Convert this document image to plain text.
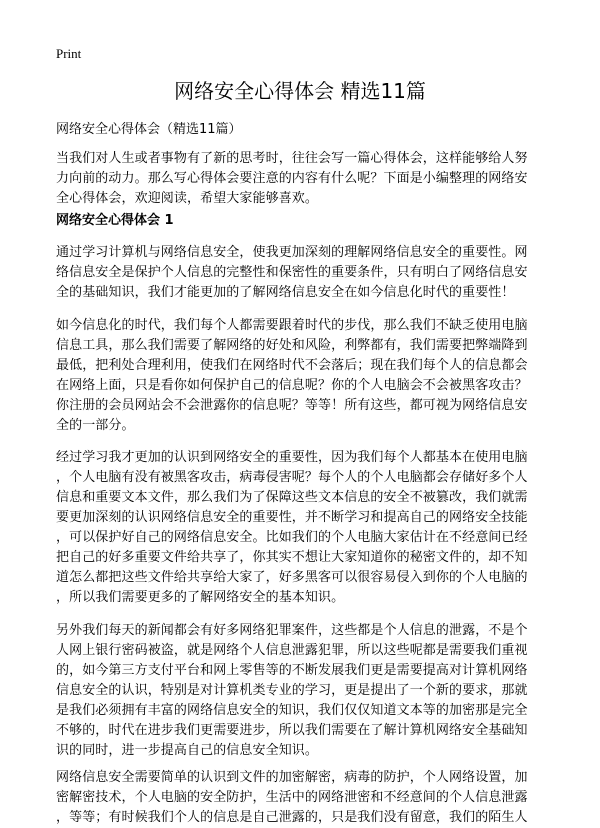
Print
网络安全心得体会 精选11篇
网络安全心得体会（精选11篇）
当我们对人生或者事物有了新的思考时，往往会写一篇心得体会，这样能够给人努
力向前的动力。那么写心得体会要注意的内容有什么呢？下面是小编整理的网络安
全心得体会，欢迎阅读，希望大家能够喜欢。
网络安全心得体会 1
通过学习计算机与网络信息安全，使我更加深刻的理解网络信息安全的重要性。网
络信息安全是保护个人信息的完整性和保密性的重要条件，只有明白了网络信息安
全的基础知识，我们才能更加的了解网络信息安全在如今信息化时代的重要性！
如今信息化的时代，我们每个人都需要跟着时代的步伐，那么我们不缺乏使用电脑
信息工具，那么我们需要了解网络的好处和风险，利弊都有，我们需要把弊端降到
最低，把利处合理利用，使我们在网络时代不会落后；现在我们每个人的信息都会
在网络上面，只是看你如何保护自己的信息呢？你的个人电脑会不会被黑客攻击？
你注册的会员网站会不会泄露你的信息呢？等等！所有这些，都可视为网络信息安
全的一部分。
经过学习我才更加的认识到网络安全的重要性，因为我们每个人都基本在使用电脑
，个人电脑有没有被黑客攻击，病毒侵害呢？每个人的个人电脑都会存储好多个人
信息和重要文本文件，那么我们为了保障这些文本信息的安全不被篡改，我们就需
要更加深刻的认识网络信息安全的重要性，并不断学习和提高自己的网络安全技能
，可以保护好自己的网络信息安全。比如我们的个人电脑大家估计在不经意间已经
把自己的好多重要文件给共享了，你其实不想让大家知道你的秘密文件的，却不知
道怎么都把这些文件给共享给大家了，好多黑客可以很容易侵入到你的个人电脑的
，所以我们需要更多的了解网络安全的基本知识。
另外我们每天的新闻都会有好多网络犯罪案件，这些都是个人信息的泄露，不是个
人网上银行密码被盗，就是网络个人信息泄露犯罪，所以这些呢都是需要我们重视
的，如今第三方支付平台和网上零售等的不断发展我们更是需要提高对计算机网络
信息安全的认识，特别是对计算机类专业的学习，更是提出了一个新的要求，那就
是我们必须拥有丰富的网络信息安全的知识，我们仅仅知道文本等的加密那是完全
不够的，时代在进步我们更需要进步，所以我们需要在了解计算机网络安全基础知
识的同时，进一步提高自己的信息安全知识。
网络信息安全需要简单的认识到文件的加密解密，病毒的防护，个人网络设置，加
密解密技术，个人电脑的安全防护，生活中的网络泄密和不经意间的个人信息泄露
，等等；有时候我们个人的信息是自己泄露的，只是我们没有留意，我们的陌生人
